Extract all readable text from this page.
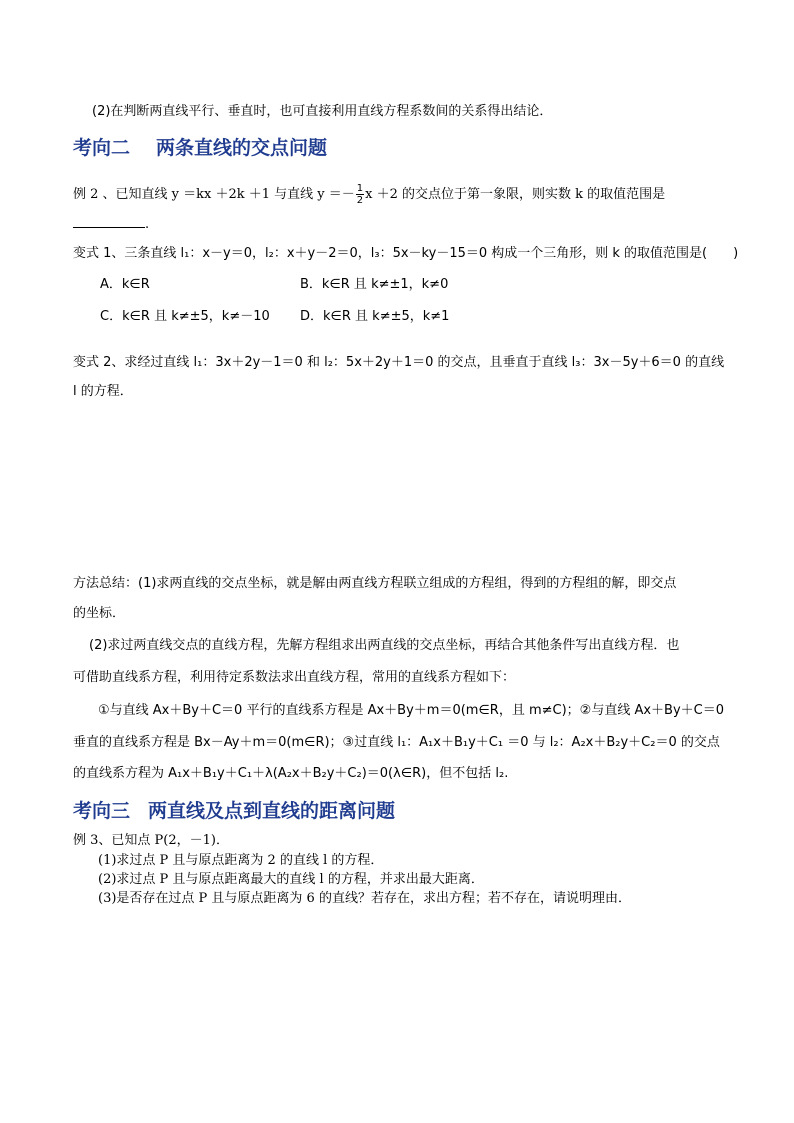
(2)在判断两直线平行、垂直时，也可直接利用直线方程系数间的关系得出结论．
考向二 两条直线的交点问题
例 2 、已知直线 y ＝kx ＋2k ＋1 与直线 $y =- \frac{1}{2}$ x ＋2 的交点位于第一象限，则实数 k 的取值范围是
.
变式 1、三条直线 l₁：x－y＝0，l₂：x＋y－2＝0，l₃：5x－ky－15＝0 构成一个三角形，则 k 的取值范围是(　　)
A．k∈R	B．k∈R 且 k≠±1，k≠0
C．k∈R 且 k≠±5，k≠－10 D．k∈R 且 k≠±5，k≠1
变式 2、求经过直线 l₁：3x＋2y－1＝0 和 l₂：5x＋2y＋1＝0 的交点，且垂直于直线 l₃：3x－5y＋6＝0 的直线
l 的方程．
方法总结：(1)求两直线的交点坐标，就是解由两直线方程联立组成的方程组，得到的方程组的解，即交点
的坐标．
(2)求过两直线交点的直线方程，先解方程组求出两直线的交点坐标，再结合其他条件写出直线方程．也
可借助直线系方程，利用待定系数法求出直线方程，常用的直线系方程如下：
①与直线 Ax＋By＋C＝0 平行的直线系方程是 Ax＋By＋m＝0(m∈R，且 m≠C)；②与直线 Ax＋By＋C＝0
垂直的直线系方程是 Bx－Ay＋m＝0(m∈R)；③过直线 l₁：A₁x＋B₁y＋C₁ ＝0 与 l₂：A₂x＋B₂y＋C₂＝0 的交点
的直线系方程为 A₁x＋B₁y＋C₁＋λ(A₂x＋B₂y＋C₂)＝0(λ∈R)，但不包括 l₂.
考向三 两直线及点到直线的距离问题
例 3、已知点 P(2，－1)．
(1)求过点 P 且与原点距离为 2 的直线 l 的方程．
(2)求过点 P 且与原点距离最大的直线 l 的方程，并求出最大距离．
(3)是否存在过点 P 且与原点距离为 6 的直线？若存在，求出方程；若不存在，请说明理由．
